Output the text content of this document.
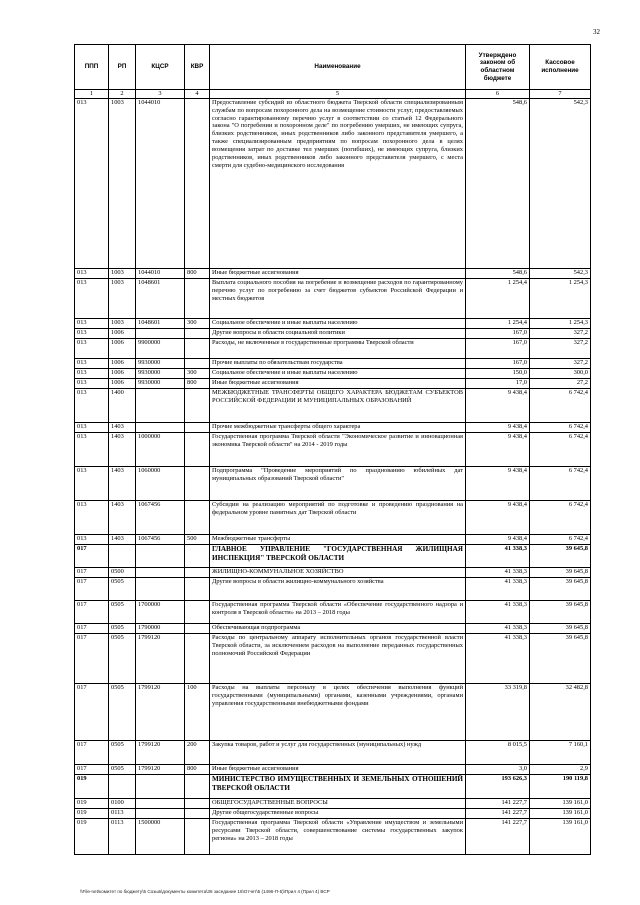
32
ППП	РП	КЦСР	КВР	Наименование	Утверждено законом об областном бюджете	Кассовое исполнение
1	2	3	4	5	6	7
013	1003	1044010		Предоставление субсидий из областного бюджета Тверской области специализированным службам по вопросам похоронного дела на возмещение стоимости услуг, предоставляемых согласно гарантированному перечню услуг в соответствии со статьей 12 Федерального закона "О погребении и похоронном деле" по погребению умерших, не имеющих супруга, близких родственников, иных родственников либо законного представителя умершего, а также специализированным предприятиям по вопросам похоронного дела в целях возмещения затрат по доставке тел умерших (погибших), не имеющих супруга, близких родственников, иных родственников либо законного представителя умершего, с места смерти для судебно-медицинского исследования	548,6	542,3
013	1003	1044010	800	Иные бюджетные ассигнования	548,6	542,3
013	1003	1048601		Выплата социального пособия на погребение и возмещение расходов по гарантированному перечню услуг по погребению за счет бюджетов субъектов Российской Федерации и местных бюджетов	1 254,4	1 254,3
013	1003	1048601	300	Социальное обеспечение и иные выплаты населению	1 254,4	1 254,3
013	1006			Другие вопросы в области социальной политики	167,0	327,2
013	1006	9900000		Расходы, не включенные в государственные программы Тверской области	167,0	327,2
013	1006	9930000		Прочие выплаты по обязательствам государства	167,0	327,2
013	1006	9930000	300	Социальное обеспечение и иные выплаты населению	150,0	300,0
013	1006	9930000	800	Иные бюджетные ассигнования	17,0	27,2
013	1400			МЕЖБЮДЖЕТНЫЕ ТРАНСФЕРТЫ ОБЩЕГО ХАРАКТЕРА БЮДЖЕТАМ СУБЪЕКТОВ РОССИЙСКОЙ ФЕДЕРАЦИИ И МУНИЦИПАЛЬНЫХ ОБРАЗОВАНИЙ	9 438,4	6 742,4
013	1403			Прочие межбюджетные трансферты общего характера	9 438,4	6 742,4
013	1403	1000000		Государственная программа Тверской области "Экономическое развитие и инновационная экономика Тверской области" на 2014 - 2019 годы	9 438,4	6 742,4
013	1403	1060000		Подпрограмма "Проведение мероприятий по празднованию юбилейных дат муниципальных образований Тверской области"	9 438,4	6 742,4
013	1403	1067456		Субсидии на реализацию мероприятий по подготовке и проведению празднования на федеральном уровне памятных дат Тверской области	9 438,4	6 742,4
013	1403	1067456	500	Межбюджетные трансферты	9 438,4	6 742,4
017				ГЛАВНОЕ УПРАВЛЕНИЕ "ГОСУДАРСТВЕННАЯ ЖИЛИЩНАЯ ИНСПЕКЦИЯ" ТВЕРСКОЙ ОБЛАСТИ	41 338,3	39 645,8
017	0500			ЖИЛИЩНО-КОММУНАЛЬНОЕ ХОЗЯЙСТВО	41 338,3	39 645,8
017	0505			Другие вопросы в области жилищно-коммунального хозяйства	41 338,3	39 645,8
017	0505	1700000		Государственная программа Тверской области «Обеспечение государственного надзора и контроля в Тверской области» на 2013 – 2018 годы	41 338,3	39 645,8
017	0505	1790000		Обеспечивающая подпрограмма	41 338,3	39 645,8
017	0505	1799120		Расходы по центральному аппарату исполнительных органов государственной власти Тверской области, за исключением расходов на выполнение переданных государственных полномочий Российской Федерации	41 338,3	39 645,8
017	0505	1799120	100	Расходы на выплаты персоналу в целях обеспечения выполнения функций государственными (муниципальными) органами, казенными учреждениями, органами управления государственными внебюджетными фондами	33 319,8	32 482,8
017	0505	1799120	200	Закупка товаров, работ и услуг для государственных (муниципальных) нужд	8 015,5	7 160,1
017	0505	1799120	800	Иные бюджетные ассигнования	3,0	2,9
019				МИНИСТЕРСТВО ИМУЩЕСТВЕННЫХ И ЗЕМЕЛЬНЫХ ОТНОШЕНИЙ ТВЕРСКОЙ ОБЛАСТИ	193 626,3	190 119,8
019	0100			ОБЩЕГОСУДАРСТВЕННЫЕ ВОПРОСЫ	141 227,7	139 161,0
019	0113			Другие общегосударственные вопросы	141 227,7	139 161,0
019	0113	1500000		Государственная программа Тверской области «Управление имуществом и земельными ресурсами Тверской области, совершенствование системы государственных закупок региона» на 2013 – 2018 годы	141 227,7	139 161,0
\\File-net\комитет по бюджету\5 Созыв\документы комитета\36 заседание 16\Отчет\5 (1496-П-5)\Прил 4 (Прил 4) ВСР
